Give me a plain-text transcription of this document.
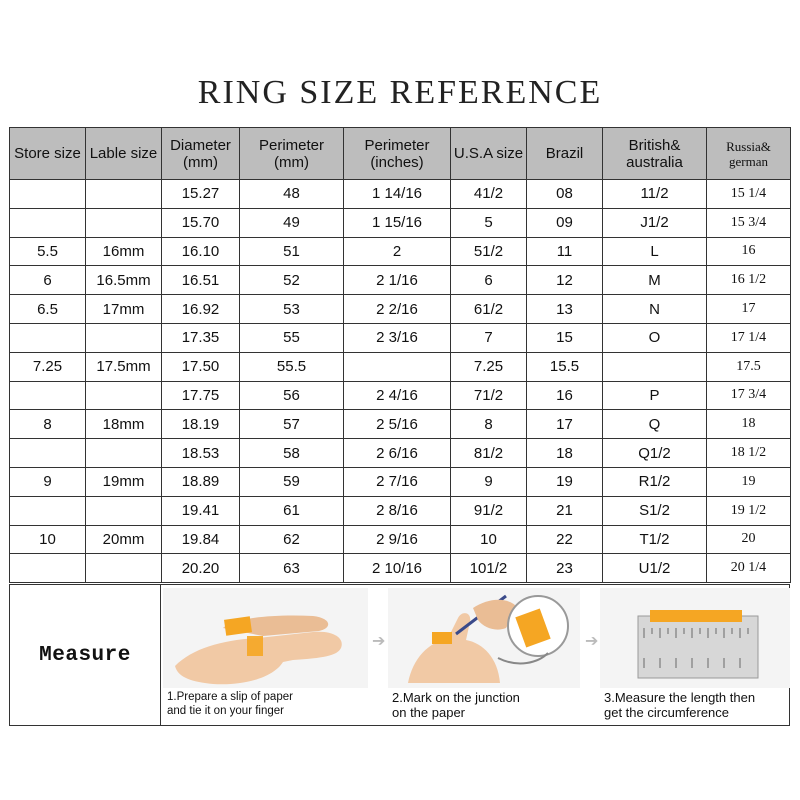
RING SIZE REFERENCE
Store size	Lable size	Diameter (mm)	Perimeter (mm)	Perimeter (inches)	U.S.A size	Brazil	British& australia	Russia& german
		15.27	48	1 14/16	41/2	08	11/2	15 1/4
		15.70	49	1 15/16	5	09	J1/2	15 3/4
5.5	16mm	16.10	51	2	51/2	11	L	16
6	16.5mm	16.51	52	2 1/16	6	12	M	16 1/2
6.5	17mm	16.92	53	2 2/16	61/2	13	N	17
		17.35	55	2 3/16	7	15	O	17 1/4
7.25	17.5mm	17.50	55.5		7.25	15.5		17.5
		17.75	56	2 4/16	71/2	16	P	17 3/4
8	18mm	18.19	57	2 5/16	8	17	Q	18
		18.53	58	2 6/16	81/2	18	Q1/2	18 1/2
9	19mm	18.89	59	2 7/16	9	19	R1/2	19
		19.41	61	2 8/16	91/2	21	S1/2	19 1/2
10	20mm	19.84	62	2 9/16	10	22	T1/2	20
		20.20	63	2 10/16	101/2	23	U1/2	20 1/4
Measure
1.Prepare a slip of paper
and tie it on your finger
➔
2.Mark on the junction
on the paper
➔
3.Measure the length then
get the circumference
